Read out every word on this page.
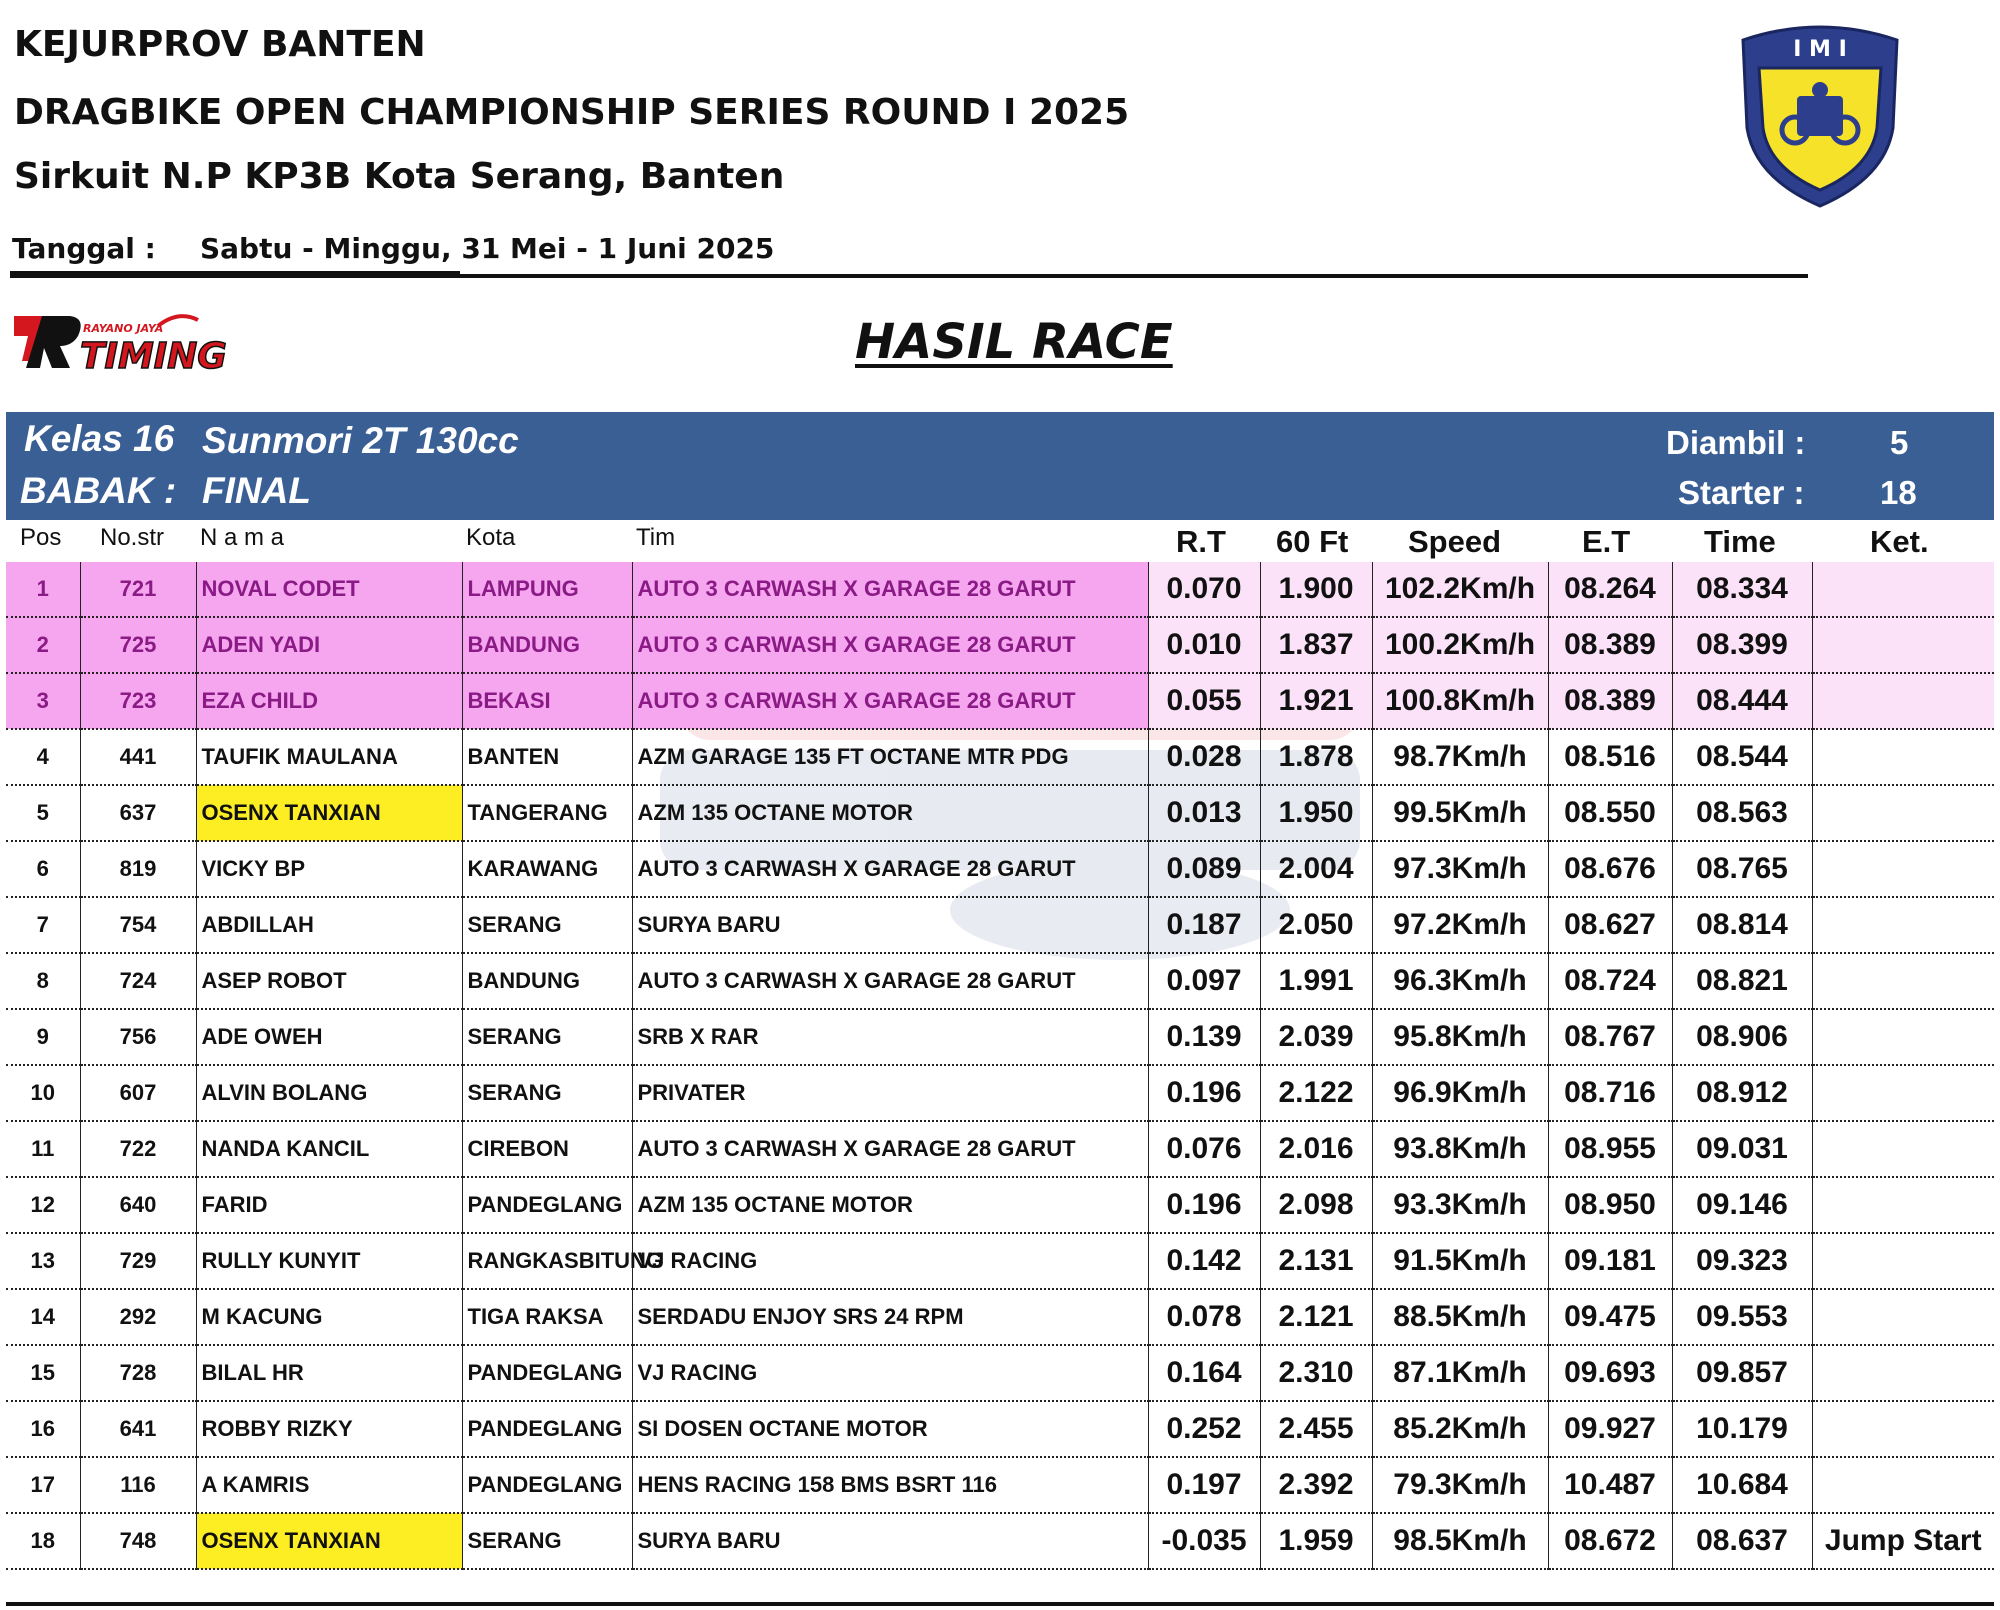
KEJURPROV BANTEN
DRAGBIKE OPEN CHAMPIONSHIP SERIES ROUND I 2025
Sirkuit N.P KP3B Kota Serang, Banten
Tanggal : Sabtu - Minggu, 31 Mei - 1 Juni 2025
I M I
RAYANO JAYA
TIMING	HASIL RACE
Kelas 16 Sunmori 2T 130cc
BABAK : FINAL
Diambil :	5
Starter : 18
Pos No.str N a m a	Kota	Tim	R.T 60 Ft Speed	E.T Time	Ket.
1	721	NOVAL CODET	LAMPUNG	AUTO 3 CARWASH X GARAGE 28 GARUT	0.070	1.900	102.2Km/h	08.264	08.334	
2	725	ADEN YADI	BANDUNG	AUTO 3 CARWASH X GARAGE 28 GARUT	0.010	1.837	100.2Km/h	08.389	08.399	
3	723	EZA CHILD	BEKASI	AUTO 3 CARWASH X GARAGE 28 GARUT	0.055	1.921	100.8Km/h	08.389	08.444	
4	441	TAUFIK MAULANA	BANTEN	AZM GARAGE 135 FT OCTANE MTR PDG	0.028	1.878	98.7Km/h	08.516	08.544	
5	637	OSENX TANXIAN	TANGERANG	AZM 135 OCTANE MOTOR	0.013	1.950	99.5Km/h	08.550	08.563	
6	819	VICKY BP	KARAWANG	AUTO 3 CARWASH X GARAGE 28 GARUT	0.089	2.004	97.3Km/h	08.676	08.765	
7	754	ABDILLAH	SERANG	SURYA BARU	0.187	2.050	97.2Km/h	08.627	08.814	
8	724	ASEP ROBOT	BANDUNG	AUTO 3 CARWASH X GARAGE 28 GARUT	0.097	1.991	96.3Km/h	08.724	08.821	
9	756	ADE OWEH	SERANG	SRB X RAR	0.139	2.039	95.8Km/h	08.767	08.906	
10	607	ALVIN BOLANG	SERANG	PRIVATER	0.196	2.122	96.9Km/h	08.716	08.912	
11	722	NANDA KANCIL	CIREBON	AUTO 3 CARWASH X GARAGE 28 GARUT	0.076	2.016	93.8Km/h	08.955	09.031	
12	640	FARID	PANDEGLANG	AZM 135 OCTANE MOTOR	0.196	2.098	93.3Km/h	08.950	09.146	
13	729	RULLY KUNYIT	RANGKASBITUNG	VJ RACING	0.142	2.131	91.5Km/h	09.181	09.323	
14	292	M KACUNG	TIGA RAKSA	SERDADU ENJOY SRS 24 RPM	0.078	2.121	88.5Km/h	09.475	09.553	
15	728	BILAL HR	PANDEGLANG	VJ RACING	0.164	2.310	87.1Km/h	09.693	09.857	
16	641	ROBBY RIZKY	PANDEGLANG	SI DOSEN OCTANE MOTOR	0.252	2.455	85.2Km/h	09.927	10.179	
17	116	A KAMRIS	PANDEGLANG	HENS RACING 158 BMS BSRT 116	0.197	2.392	79.3Km/h	10.487	10.684	
18	748	OSENX TANXIAN	SERANG	SURYA BARU	-0.035	1.959	98.5Km/h	08.672	08.637	Jump Start
